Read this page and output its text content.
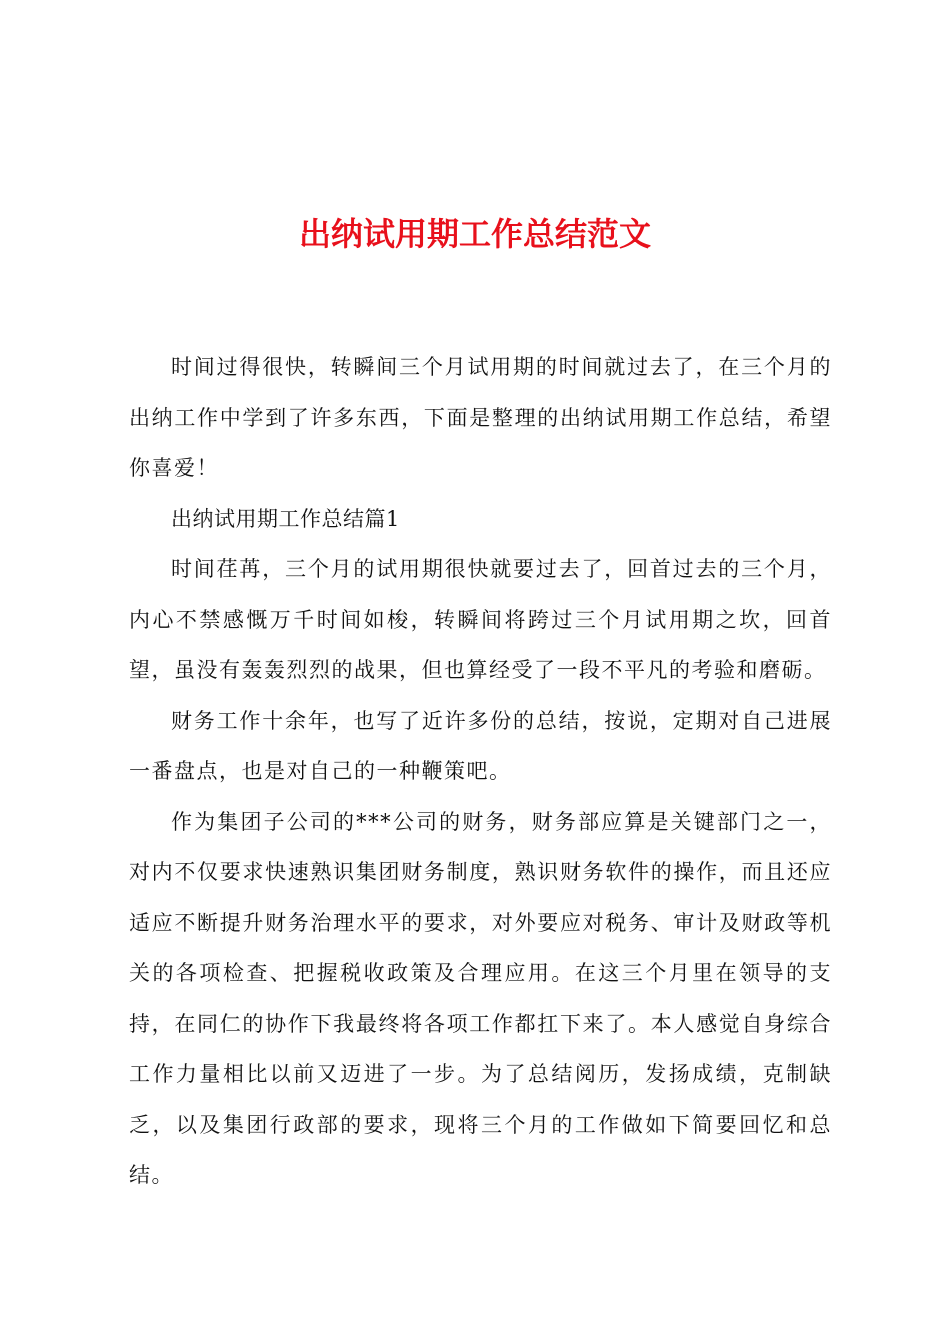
出纳试用期工作总结范文

时间过得很快，转瞬间三个月试用期的时间就过去了，在三个月的出纳工作中学到了许多东西，下面是整理的出纳试用期工作总结，希望你喜爱！

出纳试用期工作总结篇1

时间荏苒，三个月的试用期很快就要过去了，回首过去的三个月，内心不禁感慨万千时间如梭，转瞬间将跨过三个月试用期之坎，回首望，虽没有轰轰烈烈的战果，但也算经受了一段不平凡的考验和磨砺。

财务工作十余年，也写了近许多份的总结，按说，定期对自己进展一番盘点，也是对自己的一种鞭策吧。

作为集团子公司的***公司的财务，财务部应算是关键部门之一，对内不仅要求快速熟识集团财务制度，熟识财务软件的操作，而且还应适应不断提升财务治理水平的要求，对外要应对税务、审计及财政等机关的各项检查、把握税收政策及合理应用。在这三个月里在领导的支持，在同仁的协作下我最终将各项工作都扛下来了。本人感觉自身综合工作力量相比以前又迈进了一步。为了总结阅历，发扬成绩，克制缺乏，以及集团行政部的要求，现将三个月的工作做如下简要回忆和总结。
